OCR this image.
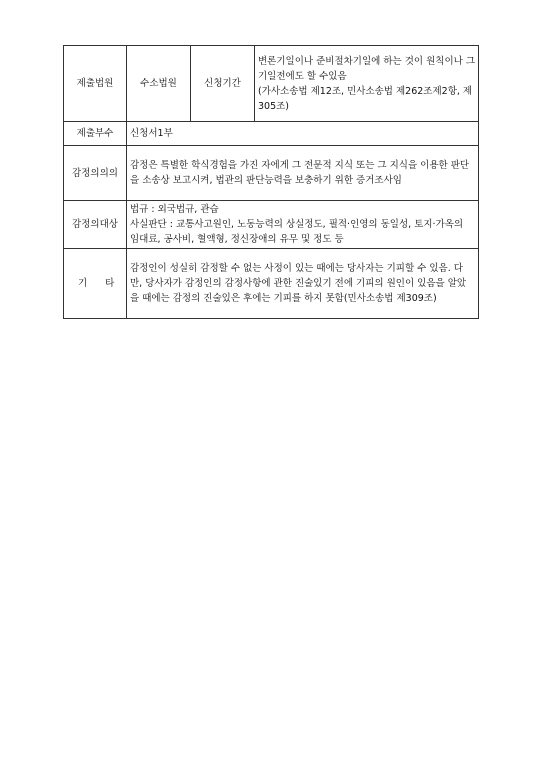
제출법원	수소법원	신청기간	변론기일이나 준비절차기일에 하는 것이 원칙이나 그 기일전에도 할 수있음
(가사소송법 제12조, 민사소송법 제262조제2항, 제305조)

제출부수	신청서1부		
감정의의의	감정은 특별한 학식경험을 가진 자에게 그 전문적 지식 또는 그 지식을 이용한 판단을 소송상 보고시켜, 법관의 판단능력을 보충하기 위한 증거조사임		
감정의대상	법규 : 외국법규, 관습
사실판단 : 교통사고원인, 노동능력의 상실정도, 필적·인영의 동일성, 토지·가옥의 임대료, 공사비, 혈액형, 정신장애의 유무 및 정도 등		

기타	감정인이 성실히 감정할 수 없는 사정이 있는 때에는 당사자는 기피할 수 있음. 다만, 당사자가 감정인의 감정사항에 관한 진술있기 전에 기피의 원인이 있음을 알았을 때에는 감정의 진술있은 후에는 기피를 하지 못함(민사소송법 제309조)		
